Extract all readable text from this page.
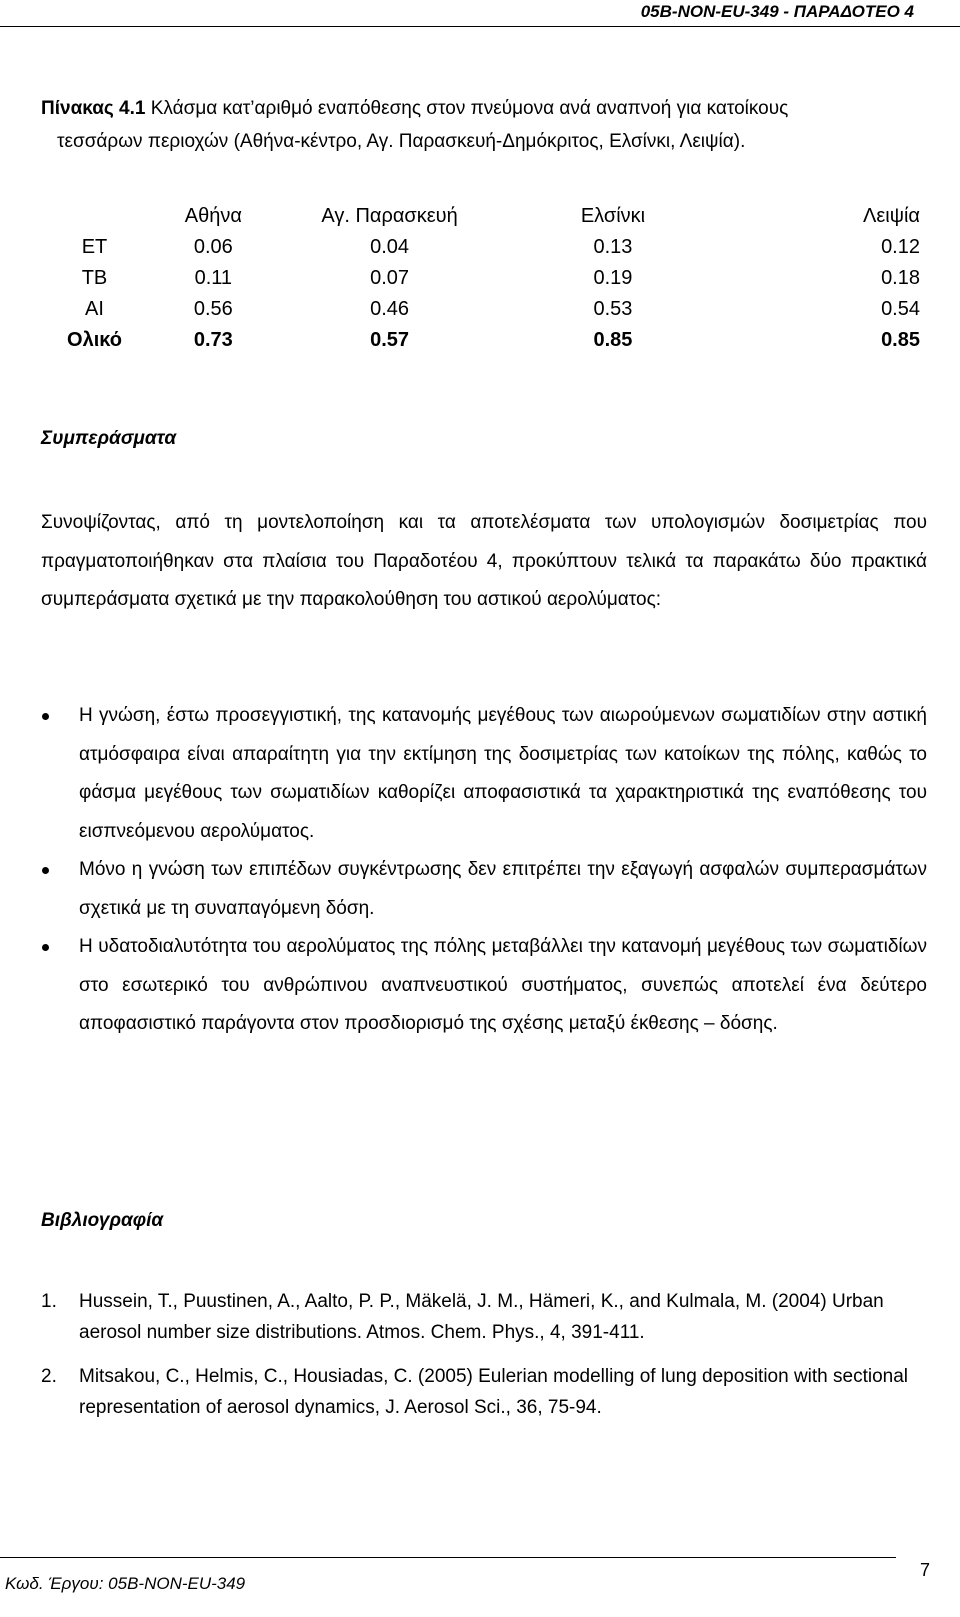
05B-NON-EU-349 - ΠΑΡΑΔΟΤΕΟ 4
Πίνακας 4.1 Κλάσμα κατ’αριθμό εναπόθεσης στον πνεύμονα ανά αναπνοή για κατοίκους
τεσσάρων περιοχών (Αθήνα-κέντρο, Αγ. Παρασκευή-Δημόκριτος, Ελσίνκι, Λειψία).
	Αθήνα	Αγ. Παρασκευή	Ελσίνκι	Λειψία
ΕΤ	0.06	0.04	0.13	0.12
ΤΒ	0.11	0.07	0.19	0.18
ΑΙ	0.56	0.46	0.53	0.54
Ολικό	0.73	0.57	0.85	0.85
Συμπεράσματα
Συνοψίζοντας, από τη μοντελοποίηση και τα αποτελέσματα των υπολογισμών δοσιμετρίας που πραγματοποιήθηκαν στα πλαίσια του Παραδοτέου 4, προκύπτουν τελικά τα παρακάτω δύο πρακτικά συμπεράσματα σχετικά με την παρακολούθηση του αστικού αερολύματος:
Η γνώση, έστω προσεγγιστική, της κατανομής μεγέθους των αιωρούμενων σωματιδίων στην αστική ατμόσφαιρα είναι απαραίτητη για την εκτίμηση της δοσιμετρίας των κατοίκων της πόλης, καθώς το φάσμα μεγέθους των σωματιδίων καθορίζει αποφασιστικά τα χαρακτηριστικά της εναπόθεσης του εισπνεόμενου αερολύματος.
Μόνο η γνώση των επιπέδων συγκέντρωσης δεν επιτρέπει την εξαγωγή ασφαλών συμπερασμάτων σχετικά με τη συναπαγόμενη δόση.
Η υδατοδιαλυτότητα του αερολύματος της πόλης μεταβάλλει την κατανομή μεγέθους των σωματιδίων στο εσωτερικό του ανθρώπινου αναπνευστικού συστήματος, συνεπώς αποτελεί ένα δεύτερο αποφασιστικό παράγοντα στον προσδιορισμό της σχέσης μεταξύ έκθεσης – δόσης.
Βιβλιογραφία
1. Hussein, T., Puustinen, A., Aalto, P. P., Mäkelä, J. M., Hämeri, K., and Kulmala, M. (2004) Urban aerosol number size distributions. Atmos. Chem. Phys., 4, 391-411.
2. Mitsakou, C., Helmis, C., Housiadas, C. (2005) Eulerian modelling of lung deposition with sectional representation of aerosol dynamics, J. Aerosol Sci., 36, 75-94.
Κωδ. Έργου: 05B-NON-EU-349
7
